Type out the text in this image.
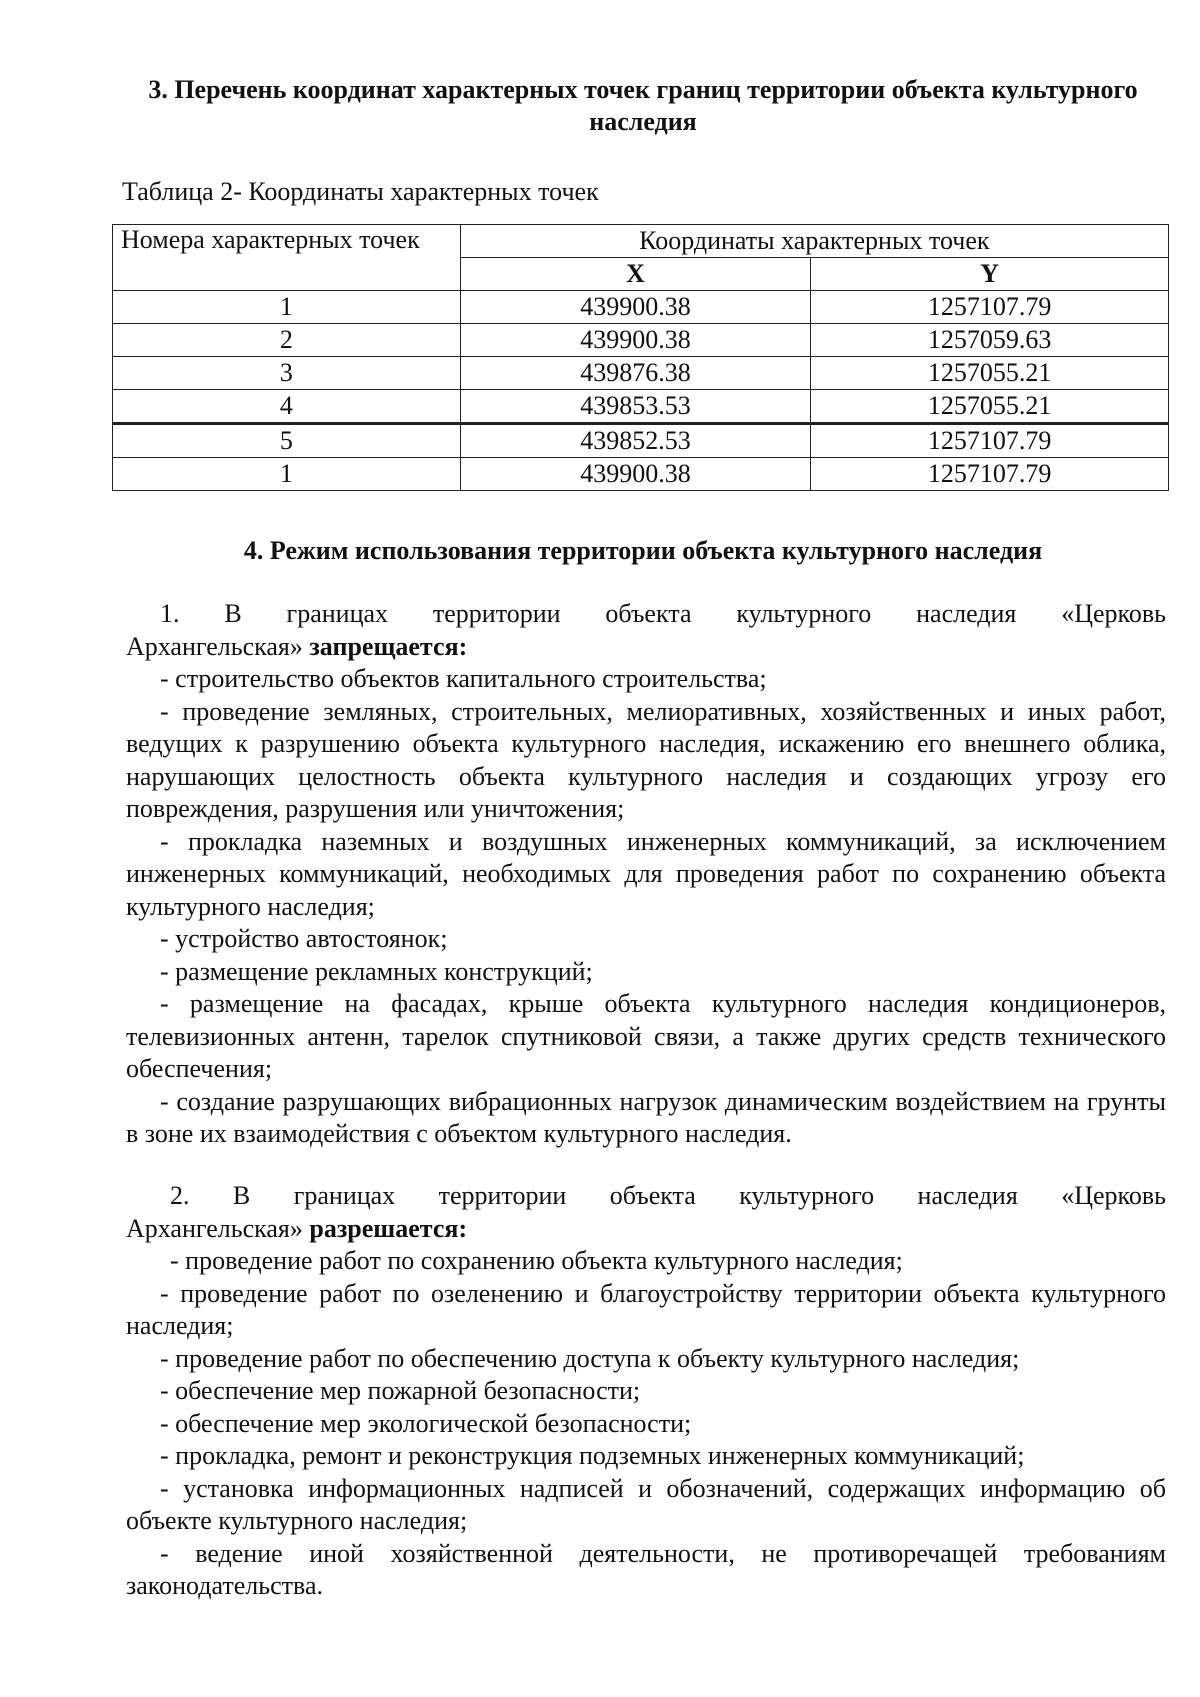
3. Перечень координат характерных точек границ территории объекта культурного наследия
Таблица 2- Координаты характерных точек
Номера характерных точек	Координаты характерных точек	
	X	Y
1	439900.38	1257107.79
2	439900.38	1257059.63
3	439876.38	1257055.21
4	439853.53	1257055.21
5	439852.53	1257107.79
1	439900.38	1257107.79
4. Режим использования территории объекта культурного наследия

1. В границах территории объекта культурного наследия «Церковь

Архангельская» запрещается:

- строительство объектов капитального строительства;

- проведение земляных, строительных, мелиоративных, хозяйственных и иных работ, ведущих к разрушению объекта культурного наследия, искажению его внешнего облика, нарушающих целостность объекта культурного наследия и создающих угрозу его повреждения, разрушения или уничтожения;

- прокладка наземных и воздушных инженерных коммуникаций, за исключением инженерных коммуникаций, необходимых для проведения работ по сохранению объекта культурного наследия;

- устройство автостоянок;

- размещение рекламных конструкций;

- размещение на фасадах, крыше объекта культурного наследия кондиционеров, телевизионных антенн, тарелок спутниковой связи, а также других средств технического обеспечения;

- создание разрушающих вибрационных нагрузок динамическим воздействием на грунты в зоне их взаимодействия с объектом культурного наследия.

2. В границах территории объекта культурного наследия «Церковь

Архангельская» разрешается:

- проведение работ по сохранению объекта культурного наследия;

- проведение работ по озеленению и благоустройству территории объекта культурного наследия;

- проведение работ по обеспечению доступа к объекту культурного наследия;

- обеспечение мер пожарной безопасности;

- обеспечение мер экологической безопасности;

- прокладка, ремонт и реконструкция подземных инженерных коммуникаций;

- установка информационных надписей и обозначений, содержащих информацию об объекте культурного наследия;

- ведение иной хозяйственной деятельности, не противоречащей требованиям законодательства.
